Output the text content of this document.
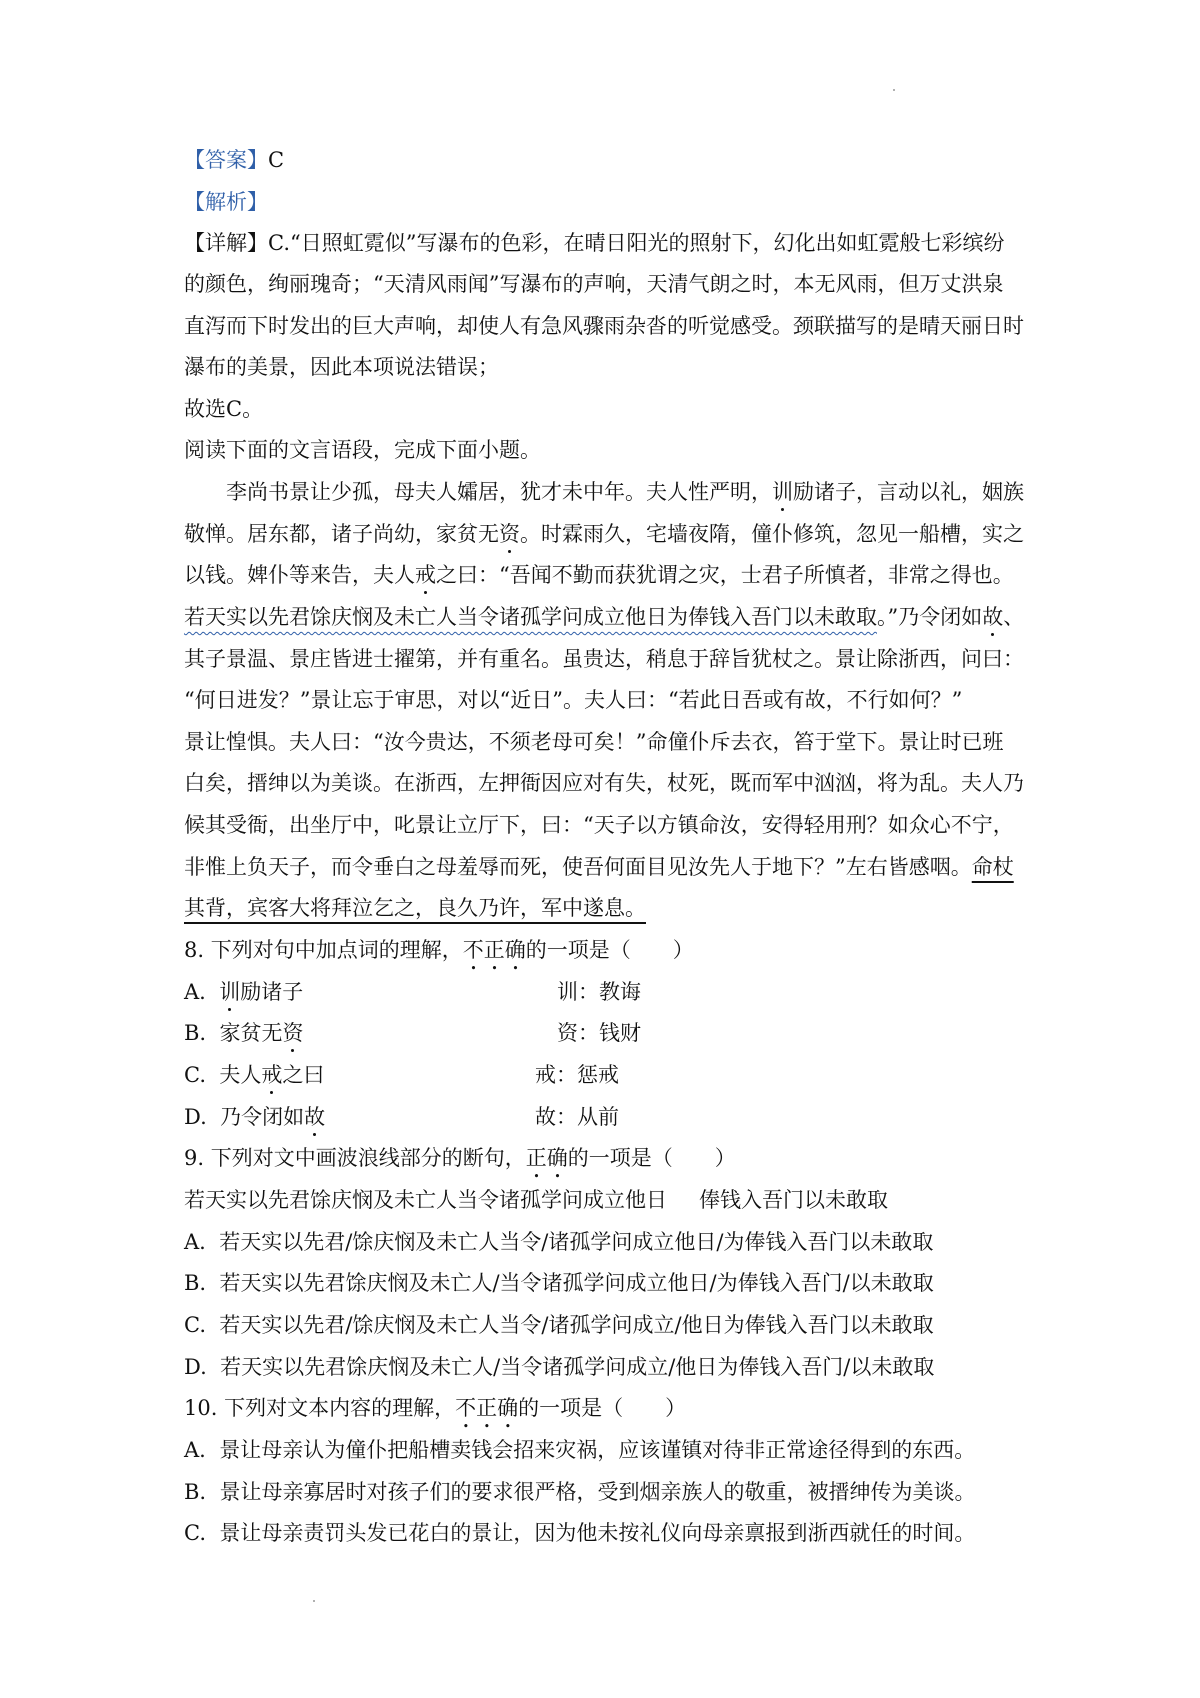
【答案】C
【解析】
【详解】C.“日照虹霓似”写瀑布的色彩，在晴日阳光的照射下，幻化出如虹霓般七彩缤纷
的颜色，绚丽瑰奇；“天清风雨闻”写瀑布的声响，天清气朗之时，本无风雨，但万丈洪泉
直泻而下时发出的巨大声响，却使人有急风骤雨杂沓的听觉感受。颈联描写的是晴天丽日时
瀑布的美景，因此本项说法错误；
故选C。
阅读下面的文言语段，完成下面小题。
李尚书景让少孤，母夫人孀居，犹才未中年。夫人性严明，训励诸子，言动以礼，姻族
敬惮。居东都，诸子尚幼，家贫无资。时霖雨久，宅墙夜隋，僮仆修筑，忽见一船槽，实之
以钱。婢仆等来告，夫人戒之曰：“吾闻不勤而获犹谓之灾，士君子所慎者，非常之得也。
若天实以先君馀庆悯及未亡人当令诸孤学问成立他日为俸钱入吾门以未敢取。”乃令闭如故、
其子景温、景庄皆进士擢第，并有重名。虽贵达，稍息于辞旨犹杖之。景让除浙西，问曰：
“何日进发？”景让忘于审思，对以“近日”。夫人曰：“若此日吾或有故，不行如何？”
景让惶惧。夫人曰：“汝今贵达，不须老母可矣！”命僮仆斥去衣，笞于堂下。景让时已班
白矣，搢绅以为美谈。在浙西，左押衙因应对有失，杖死，既而军中汹汹，将为乱。夫人乃
候其受衙，出坐厅中，叱景让立厅下，曰：“天子以方镇命汝，安得轻用刑？如众心不宁，
非惟上负天子，而令垂白之母羞辱而死，使吾何面目见汝先人于地下？”左右皆感咽。命杖
其背，宾客大将拜泣乞之，良久乃许，军中遂息。
8. 下列对句中加点词的理解，不正确的一项是（　　）
A. 训励诸子	训：教诲
B. 家贫无资	资：钱财
C. 夫人戒之曰	戒：惩戒
D. 乃令闭如故	故：从前
9. 下列对文中画波浪线部分的断句，正确的一项是（　　）
若天实以先君馀庆悯及未亡人当令诸孤学问成立他日 俸钱入吾门以未敢取
A. 若天实以先君/馀庆悯及未亡人当令/诸孤学问成立他日/为俸钱入吾门以未敢取
B. 若天实以先君馀庆悯及未亡人/当令诸孤学问成立他日/为俸钱入吾门/以未敢取
C. 若天实以先君/馀庆悯及未亡人当令/诸孤学问成立/他日为俸钱入吾门以未敢取
D. 若天实以先君馀庆悯及未亡人/当令诸孤学问成立/他日为俸钱入吾门/以未敢取
10. 下列对文本内容的理解，不正确的一项是（　　）
A. 景让母亲认为僮仆把船槽卖钱会招来灾祸，应该谨镇对待非正常途径得到的东西。
B. 景让母亲寡居时对孩子们的要求很严格，受到烟亲族人的敬重，被搢绅传为美谈。
C. 景让母亲责罚头发已花白的景让，因为他未按礼仪向母亲禀报到浙西就任的时间。
